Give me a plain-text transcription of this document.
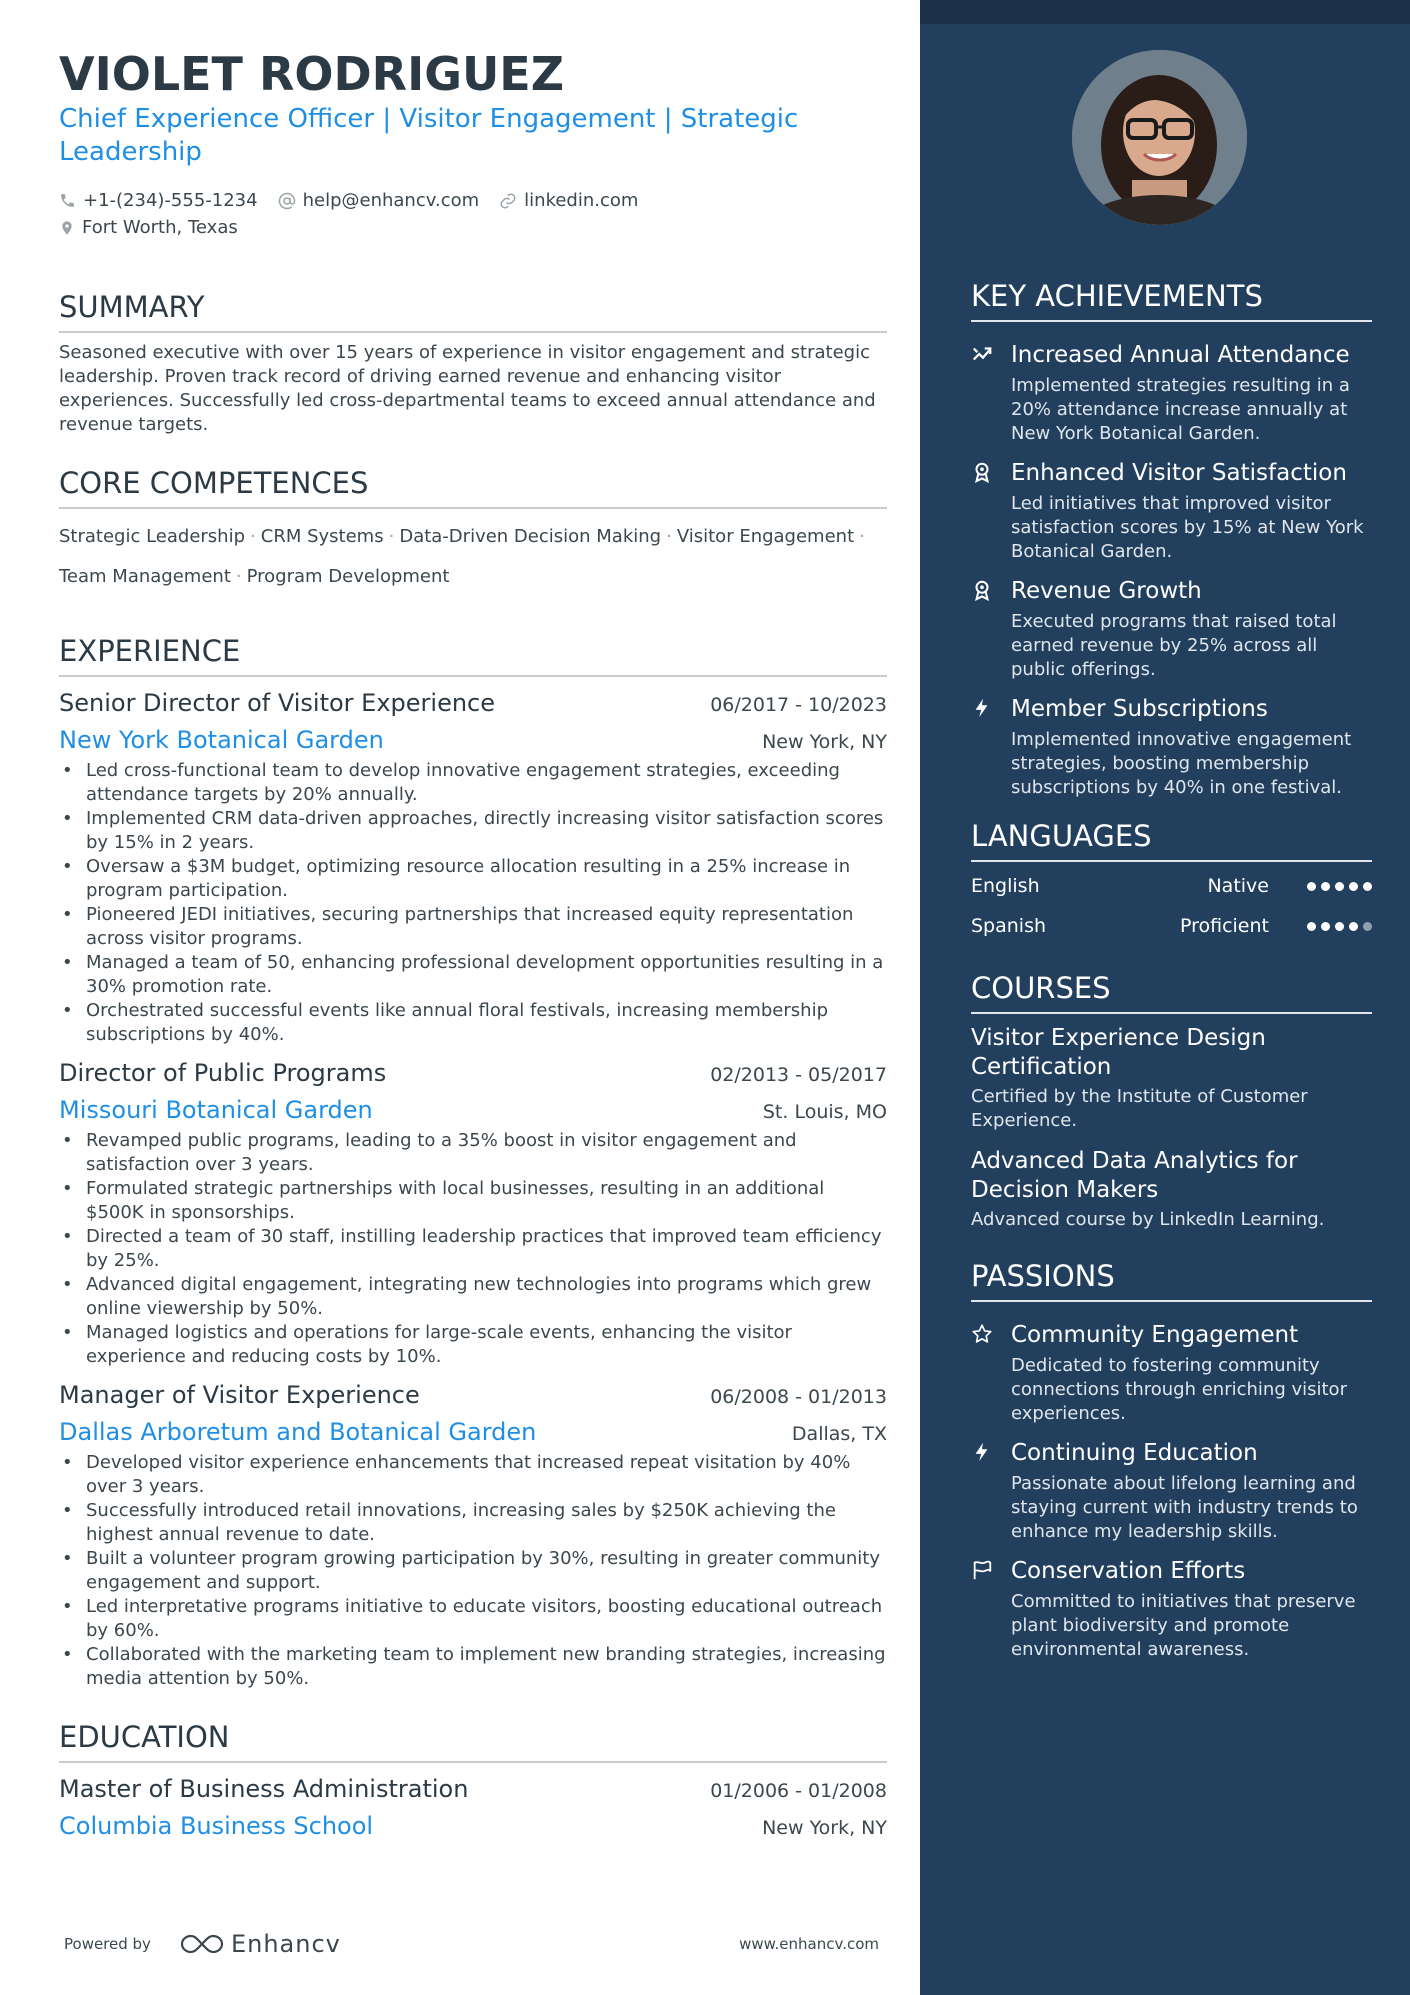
VIOLET RODRIGUEZ
Chief Experience Officer | Visitor Engagement | Strategic Leadership
+1-(234)-555-1234	help@enhancv.com	linkedin.com
Fort Worth, Texas
SUMMARY
Seasoned executive with over 15 years of experience in visitor engagement and strategic leadership. Proven track record of driving earned revenue and enhancing visitor experiences. Successfully led cross-departmental teams to exceed annual attendance and revenue targets.
CORE COMPETENCES
Strategic Leadership · CRM Systems · Data-Driven Decision Making · Visitor Engagement ·
Team Management · Program Development
EXPERIENCE
Senior Director of Visitor Experience	06/2017 - 10/2023
New York Botanical Garden	New York, NY
• Led cross-functional team to develop innovative engagement strategies, exceeding attendance targets by 20% annually.
• Implemented CRM data-driven approaches, directly increasing visitor satisfaction scores by 15% in 2 years.
• Oversaw a $3M budget, optimizing resource allocation resulting in a 25% increase in program participation.
• Pioneered JEDI initiatives, securing partnerships that increased equity representation across visitor programs.
• Managed a team of 50, enhancing professional development opportunities resulting in a 30% promotion rate.
• Orchestrated successful events like annual floral festivals, increasing membership subscriptions by 40%.
Director of Public Programs	02/2013 - 05/2017
Missouri Botanical Garden	St. Louis, MO
• Revamped public programs, leading to a 35% boost in visitor engagement and satisfaction over 3 years.
• Formulated strategic partnerships with local businesses, resulting in an additional $500K in sponsorships.
• Directed a team of 30 staff, instilling leadership practices that improved team efficiency by 25%.
• Advanced digital engagement, integrating new technologies into programs which grew online viewership by 50%.
• Managed logistics and operations for large-scale events, enhancing the visitor experience and reducing costs by 10%.
Manager of Visitor Experience	06/2008 - 01/2013
Dallas Arboretum and Botanical Garden	Dallas, TX
• Developed visitor experience enhancements that increased repeat visitation by 40% over 3 years.
• Successfully introduced retail innovations, increasing sales by $250K achieving the highest annual revenue to date.
• Built a volunteer program growing participation by 30%, resulting in greater community engagement and support.
• Led interpretative programs initiative to educate visitors, boosting educational outreach by 60%.
• Collaborated with the marketing team to implement new branding strategies, increasing media attention by 50%.
EDUCATION
Master of Business Administration	01/2006 - 01/2008
Columbia Business School	New York, NY
Powered by	Enhancv	www.enhancv.com
KEY ACHIEVEMENTS
Increased Annual Attendance
Implemented strategies resulting in a 20% attendance increase annually at New York Botanical Garden.
Enhanced Visitor Satisfaction
Led initiatives that improved visitor satisfaction scores by 15% at New York Botanical Garden.
Revenue Growth
Executed programs that raised total earned revenue by 25% across all public offerings.
Member Subscriptions
Implemented innovative engagement strategies, boosting membership subscriptions by 40% in one festival.
LANGUAGES
English	Native
Spanish	Proficient
COURSES
Visitor Experience Design Certification
Certified by the Institute of Customer Experience.
Advanced Data Analytics for Decision Makers
Advanced course by LinkedIn Learning.
PASSIONS
Community Engagement
Dedicated to fostering community connections through enriching visitor experiences.
Continuing Education
Passionate about lifelong learning and staying current with industry trends to enhance my leadership skills.
Conservation Efforts
Committed to initiatives that preserve plant biodiversity and promote environmental awareness.
